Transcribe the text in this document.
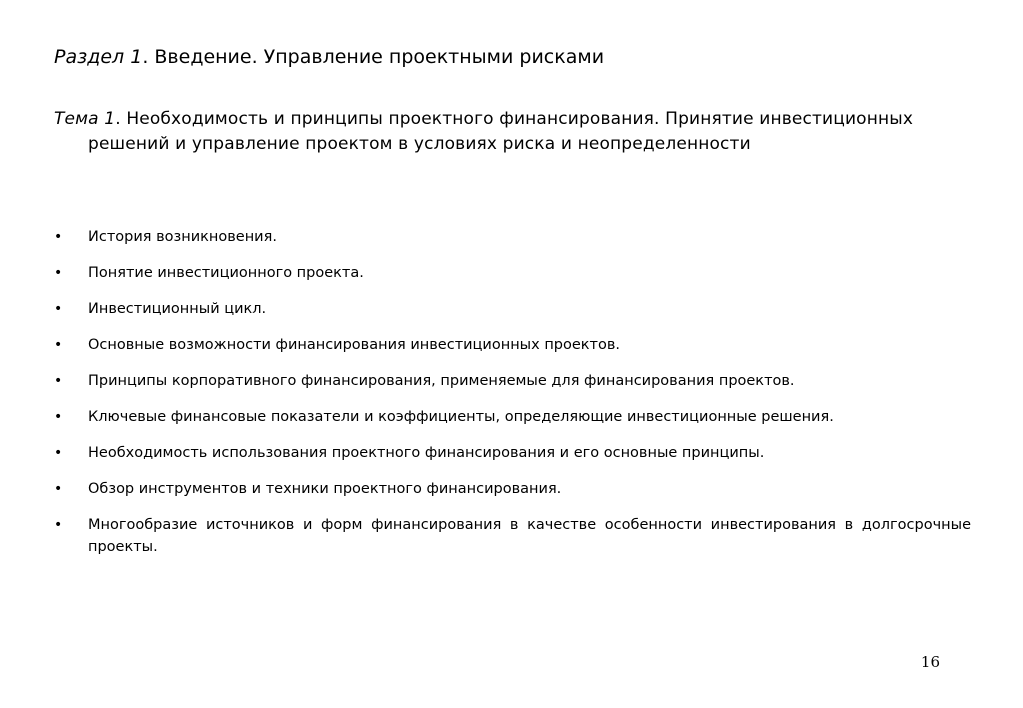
Раздел 1. Введение. Управление проектными рисками
Тема 1. Необходимость и принципы проектного финансирования. Принятие инвестиционных решений и управление проектом в условиях риска и неопределенности
•	История возникновения.
•	Понятие инвестиционного проекта.
•	Инвестиционный цикл.
•	Основные возможности финансирования инвестиционных проектов.
•	Принципы корпоративного финансирования, применяемые для финансирования проектов.
•	Ключевые финансовые показатели и коэффициенты, определяющие инвестиционные решения.
•	Необходимость использования проектного финансирования и его основные принципы.
•	Обзор инструментов и техники проектного финансирования.
•	Многообразие источников и форм финансирования в качестве особенности инвестирования в долгосрочные проекты.
16
